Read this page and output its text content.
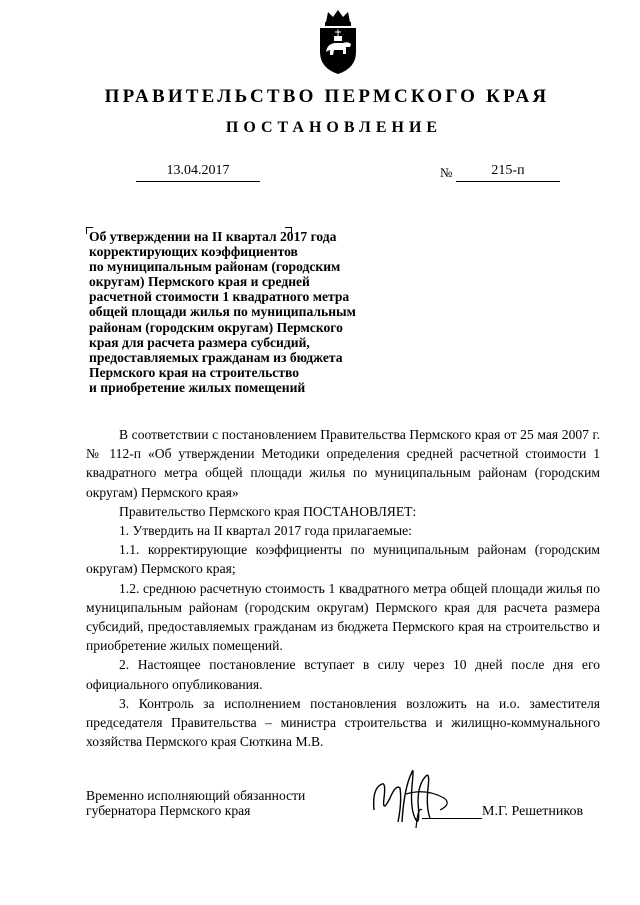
ПРАВИТЕЛЬСТВО ПЕРМСКОГО КРАЯ
ПОСТАНОВЛЕНИЕ
13.04.2017	№	215-п
Об утверждении на II квартал 2017 года
корректирующих коэффициентов
по муниципальным районам (городским
округам) Пермского края и средней
расчетной стоимости 1 квадратного метра
общей площади жилья по муниципальным
районам (городским округам) Пермского
края для расчета размера субсидий,
предоставляемых гражданам из бюджета
Пермского края на строительство
и приобретение жилых помещений

В соответствии с постановлением Правительства Пермского края от 25 мая 2007 г. № 112-п «Об утверждении Методики определения средней расчетной стоимости 1 квадратного метра общей площади жилья по муниципальным районам (городским округам) Пермского края»

Правительство Пермского края ПОСТАНОВЛЯЕТ:

1. Утвердить на II квартал 2017 года прилагаемые:

1.1. корректирующие коэффициенты по муниципальным районам (городским округам) Пермского края;

1.2. среднюю расчетную стоимость 1 квадратного метра общей площади жилья по муниципальным районам (городским округам) Пермского края для расчета размера субсидий, предоставляемых гражданам из бюджета Пермского края на строительство и приобретение жилых помещений.

2. Настоящее постановление вступает в силу через 10 дней после дня его официального опубликования.

3. Контроль за исполнением постановления возложить на и.о. заместителя председателя Правительства – министра строительства и жилищно-коммунального хозяйства Пермского края Сюткина М.В.

Временно исполняющий обязанности
губернатора Пермского края	М.Г. Решетников
